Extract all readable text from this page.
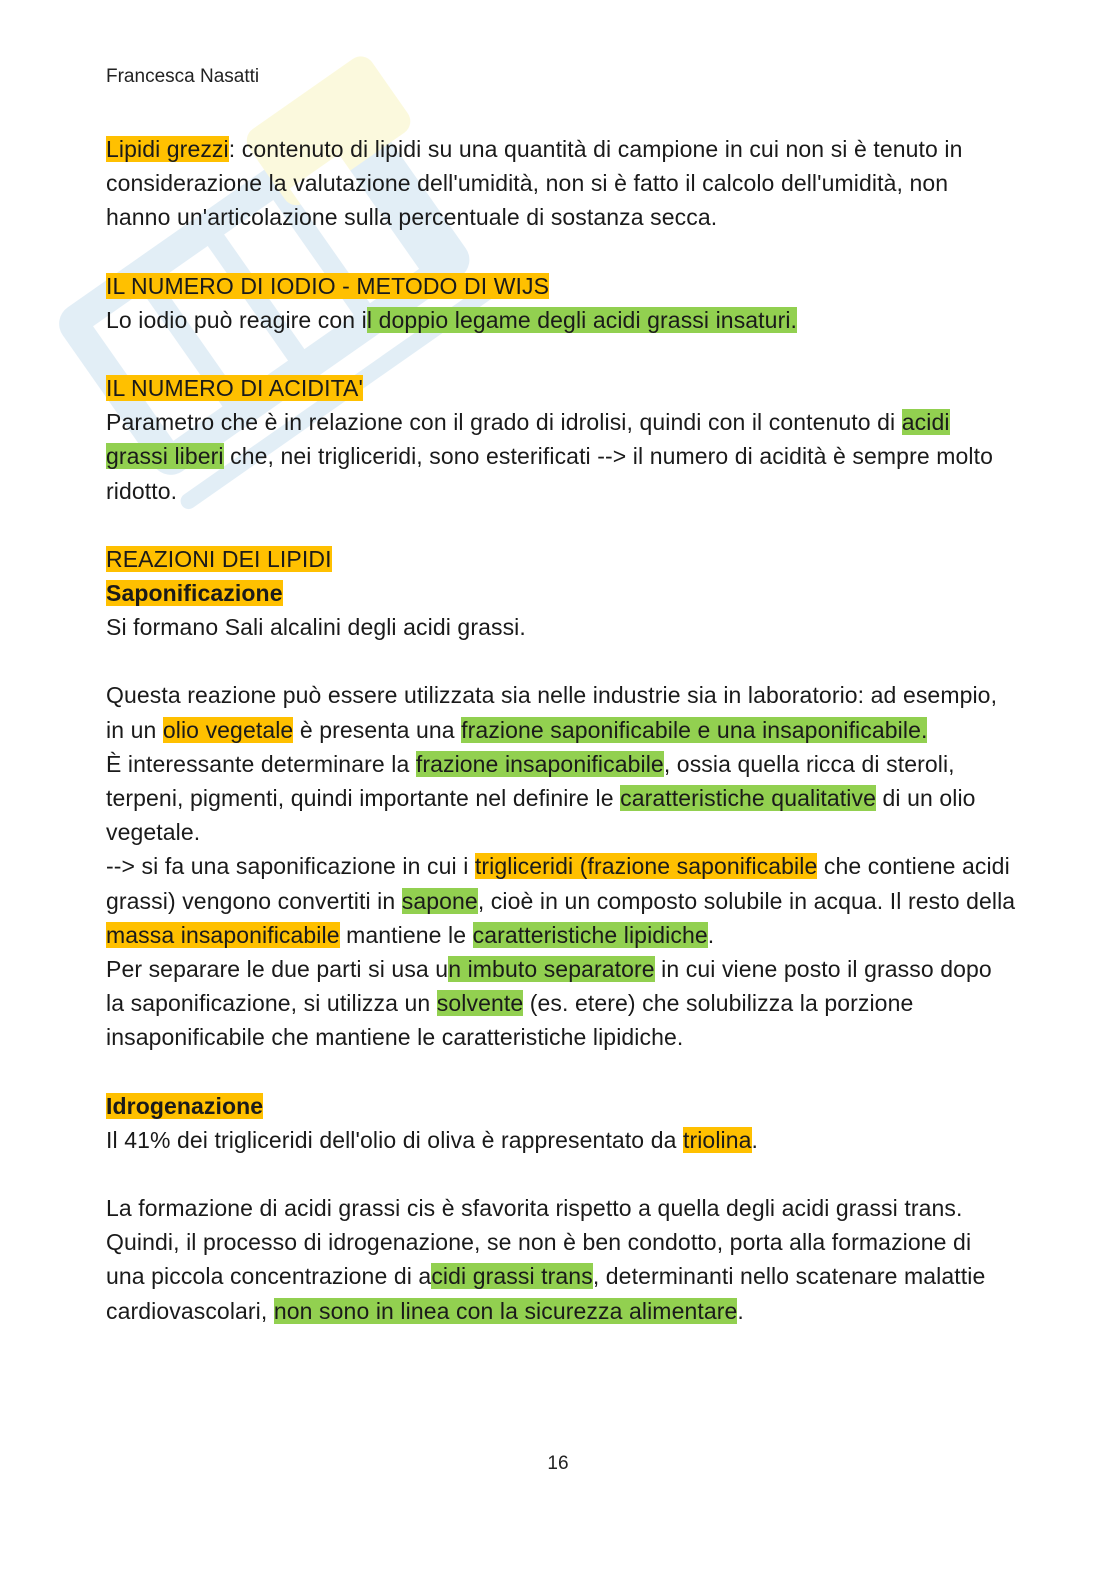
Francesca Nasatti

Lipidi grezzi: contenuto di lipidi su una quantità di campione in cui non si è tenuto in considerazione la valutazione dell'umidità, non si è fatto il calcolo dell'umidità, non hanno un'articolazione sulla percentuale di sostanza secca.

IL NUMERO DI IODIO - METODO DI WIJS

Lo iodio può reagire con il doppio legame degli acidi grassi insaturi.

IL NUMERO DI ACIDITA'

Parametro che è in relazione con il grado di idrolisi, quindi con il contenuto di acidi grassi liberi che, nei trigliceridi, sono esterificati --> il numero di acidità è sempre molto ridotto.

REAZIONI DEI LIPIDI

Saponificazione

Si formano Sali alcalini degli acidi grassi.

Questa reazione può essere utilizzata sia nelle industrie sia in laboratorio: ad esempio, in un olio vegetale è presenta una frazione saponificabile e una insaponificabile.

È interessante determinare la frazione insaponificabile, ossia quella ricca di steroli, terpeni, pigmenti, quindi importante nel definire le caratteristiche qualitative di un olio vegetale.

--> si fa una saponificazione in cui i trigliceridi (frazione saponificabile che contiene acidi grassi) vengono convertiti in sapone, cioè in un composto solubile in acqua. Il resto della massa insaponificabile mantiene le caratteristiche lipidiche.

Per separare le due parti si usa un imbuto separatore in cui viene posto il grasso dopo la saponificazione, si utilizza un solvente (es. etere) che solubilizza la porzione insaponificabile che mantiene le caratteristiche lipidiche.

Idrogenazione

Il 41% dei trigliceridi dell'olio di oliva è rappresentato da triolina.

La formazione di acidi grassi cis è sfavorita rispetto a quella degli acidi grassi trans. Quindi, il processo di idrogenazione, se non è ben condotto, porta alla formazione di una piccola concentrazione di acidi grassi trans, determinanti nello scatenare malattie cardiovascolari, non sono in linea con la sicurezza alimentare.

16
